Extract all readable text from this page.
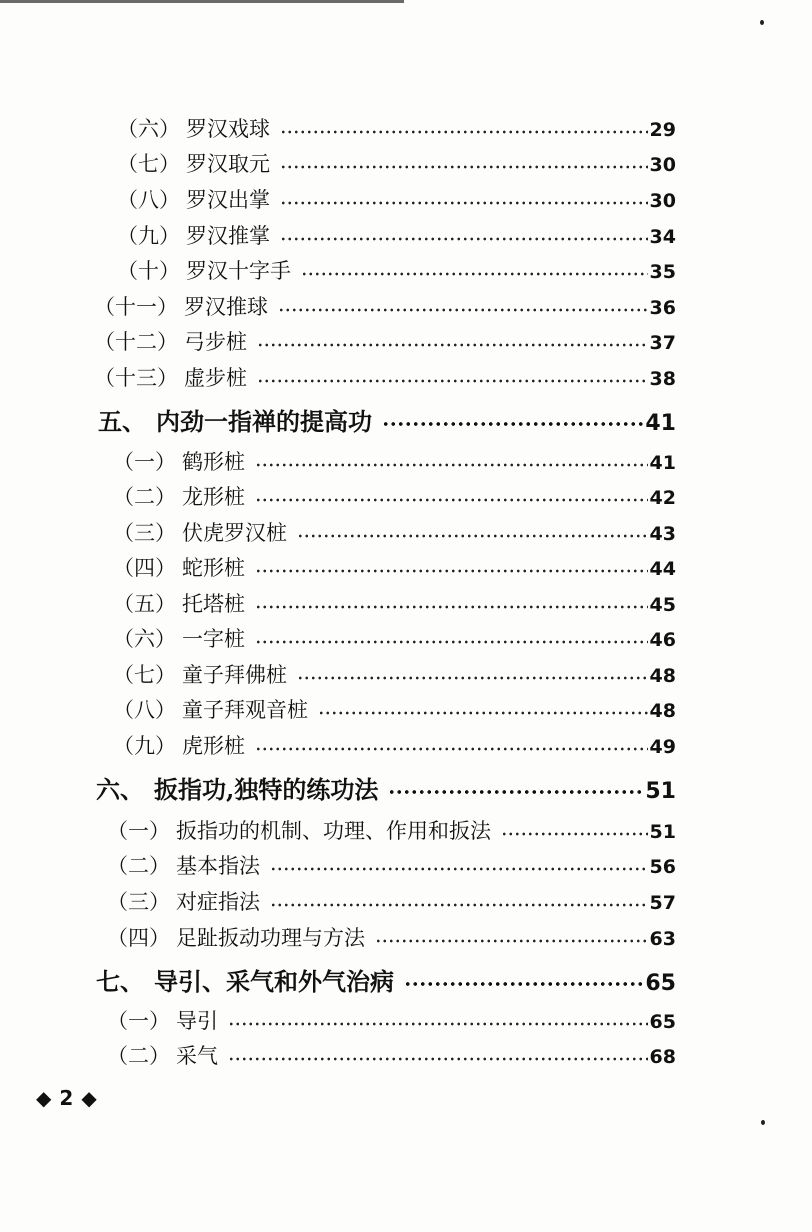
（六） 罗汉戏球	29
（七） 罗汉取元	30
（八） 罗汉出掌	30
（九） 罗汉推掌	34
（十） 罗汉十字手	35
（十一） 罗汉推球	36
（十二） 弓步桩	37
（十三） 虚步桩	38
五、 内劲一指禅的提高功	41
（一） 鹤形桩	41
（二） 龙形桩	42
（三） 伏虎罗汉桩	43
（四） 蛇形桩	44
（五） 托塔桩	45
（六） 一字桩	46
（七） 童子拜佛桩	48
（八） 童子拜观音桩	48
（九） 虎形桩	49
六、 扳指功,独特的练功法	51
（一） 扳指功的机制、功理、作用和扳法	51
（二） 基本指法	56
（三） 对症指法	57
（四） 足趾扳动功理与方法	63
七、 导引、采气和外气治病	65
（一） 导引	65
（二） 采气	68
◆ 2 ◆
